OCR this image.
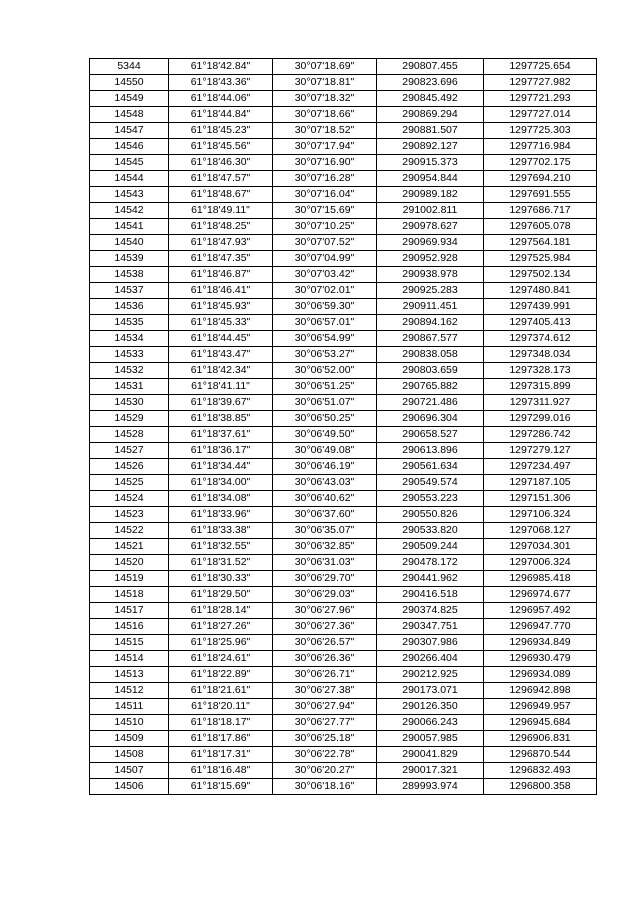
5344	61°18'42.84"	30°07'18.69"	290807.455	1297725.654
14550	61°18'43.36"	30°07'18.81"	290823.696	1297727.982
14549	61°18'44.06"	30°07'18.32"	290845.492	1297721.293
14548	61°18'44.84"	30°07'18.66"	290869.294	1297727.014
14547	61°18'45.23"	30°07'18.52"	290881.507	1297725.303
14546	61°18'45.56"	30°07'17.94"	290892.127	1297716.984
14545	61°18'46.30"	30°07'16.90"	290915.373	1297702.175
14544	61°18'47.57"	30°07'16.28"	290954.844	1297694.210
14543	61°18'48.67"	30°07'16.04"	290989.182	1297691.555
14542	61°18'49.11"	30°07'15.69"	291002.811	1297686.717
14541	61°18'48.25"	30°07'10.25"	290978.627	1297605.078
14540	61°18'47.93"	30°07'07.52"	290969.934	1297564.181
14539	61°18'47.35"	30°07'04.99"	290952.928	1297525.984
14538	61°18'46.87"	30°07'03.42"	290938.978	1297502.134
14537	61°18'46.41"	30°07'02.01"	290925.283	1297480.841
14536	61°18'45.93"	30°06'59.30"	290911.451	1297439.991
14535	61°18'45.33"	30°06'57.01"	290894.162	1297405.413
14534	61°18'44.45"	30°06'54.99"	290867.577	1297374.612
14533	61°18'43.47"	30°06'53.27"	290838.058	1297348.034
14532	61°18'42.34"	30°06'52.00"	290803.659	1297328.173
14531	61°18'41.11"	30°06'51.25"	290765.882	1297315.899
14530	61°18'39.67"	30°06'51.07"	290721.486	1297311.927
14529	61°18'38.85"	30°06'50.25"	290696.304	1297299.016
14528	61°18'37.61"	30°06'49.50"	290658.527	1297286.742
14527	61°18'36.17"	30°06'49.08"	290613.896	1297279.127
14526	61°18'34.44"	30°06'46.19"	290561.634	1297234.497
14525	61°18'34.00"	30°06'43.03"	290549.574	1297187.105
14524	61°18'34.08"	30°06'40.62"	290553.223	1297151.306
14523	61°18'33.96"	30°06'37.60"	290550.826	1297106.324
14522	61°18'33.38"	30°06'35.07"	290533.820	1297068.127
14521	61°18'32.55"	30°06'32.85"	290509.244	1297034.301
14520	61°18'31.52"	30°06'31.03"	290478.172	1297006.324
14519	61°18'30.33"	30°06'29.70"	290441.962	1296985.418
14518	61°18'29.50"	30°06'29.03"	290416.518	1296974.677
14517	61°18'28.14"	30°06'27.96"	290374.825	1296957.492
14516	61°18'27.26"	30°06'27.36"	290347.751	1296947.770
14515	61°18'25.96"	30°06'26.57"	290307.986	1296934.849
14514	61°18'24.61"	30°06'26.36"	290266.404	1296930.479
14513	61°18'22.89"	30°06'26.71"	290212.925	1296934.089
14512	61°18'21.61"	30°06'27.38"	290173.071	1296942.898
14511	61°18'20.11"	30°06'27.94"	290126.350	1296949.957
14510	61°18'18.17"	30°06'27.77"	290066.243	1296945.684
14509	61°18'17.86"	30°06'25.18"	290057.985	1296906.831
14508	61°18'17.31"	30°06'22.78"	290041.829	1296870.544
14507	61°18'16.48"	30°06'20.27"	290017.321	1296832.493
14506	61°18'15.69"	30°06'18.16"	289993.974	1296800.358
